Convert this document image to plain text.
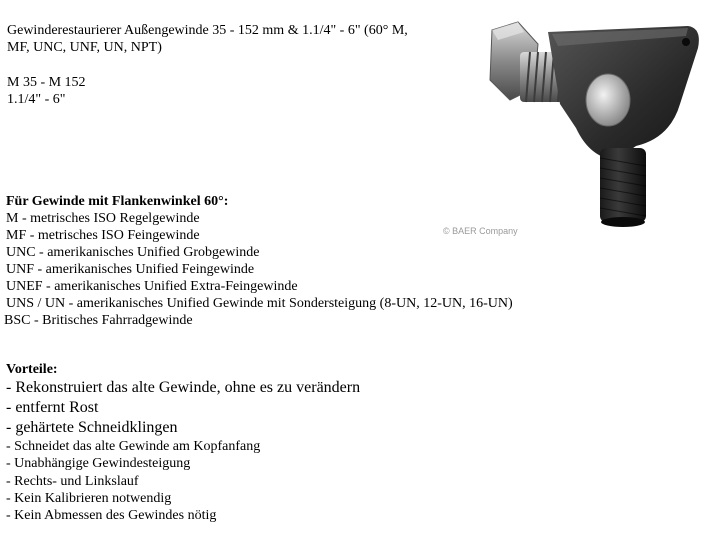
Gewinderestaurierer Außengewinde 35 - 152 mm & 1.1/4" - 6" (60° M,
MF, UNC, UNF, UN, NPT)
M 35 - M 152
1.1/4" - 6"
© BAER Company
Für Gewinde mit Flankenwinkel 60°:
M - metrisches ISO Regelgewinde
MF - metrisches ISO Feingewinde
UNC - amerikanisches Unified Grobgewinde
UNF - amerikanisches Unified Feingewinde
UNEF - amerikanisches Unified Extra-Feingewinde
UNS / UN - amerikanisches Unified Gewinde mit Sondersteigung (8-UN, 12-UN, 16-UN)
BSC - Britisches Fahrradgewinde
Vorteile:
- Rekonstruiert das alte Gewinde, ohne es zu verändern
- entfernt Rost
- gehärtete Schneidklingen
- Schneidet das alte Gewinde am Kopfanfang
- Unabhängige Gewindesteigung
- Rechts- und Linkslauf
- Kein Kalibrieren notwendig
- Kein Abmessen des Gewindes nötig
